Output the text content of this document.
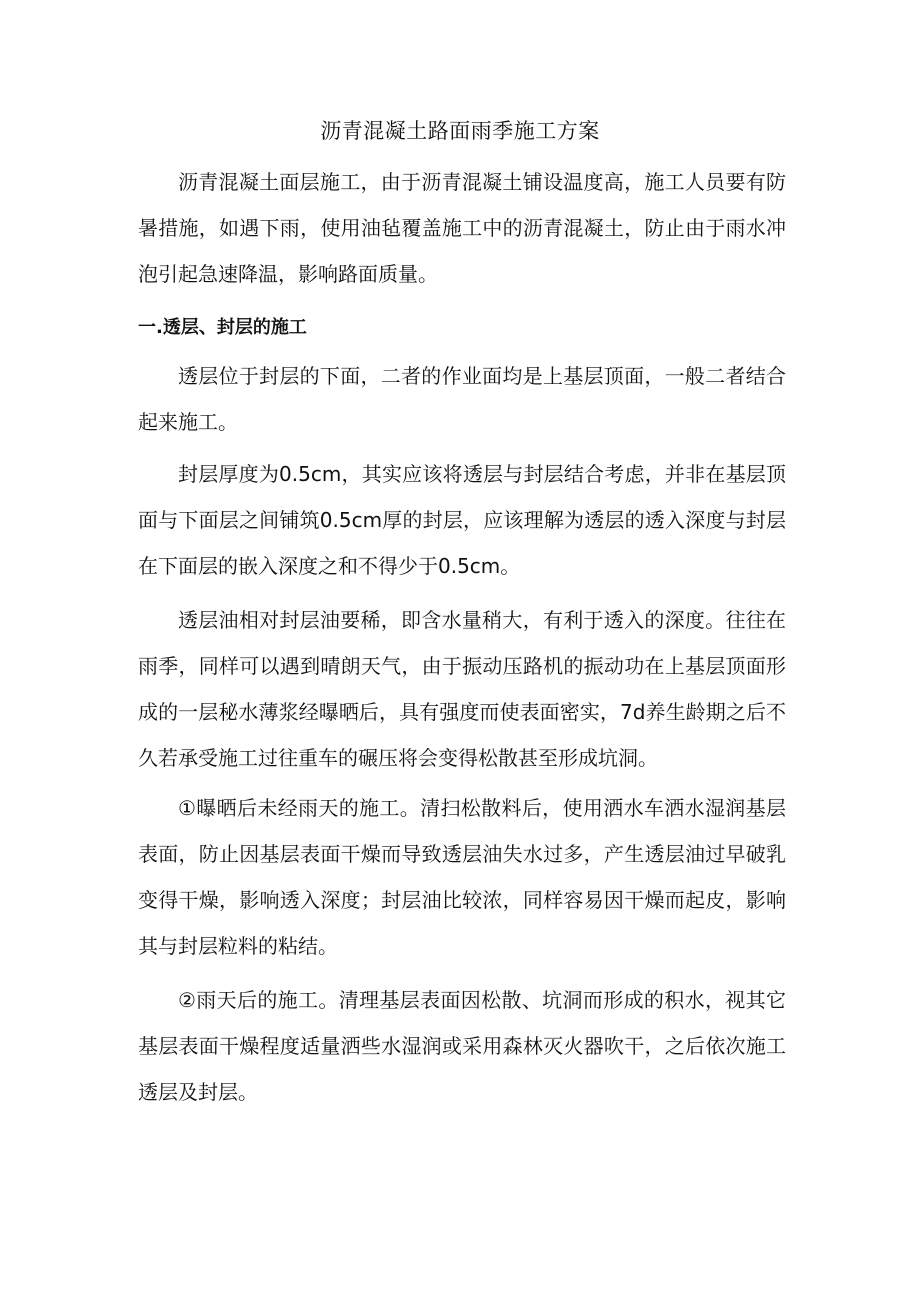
沥青混凝土路面雨季施工方案

沥青混凝土面层施工，由于沥青混凝土铺设温度高，施工人员要有防暑措施，如遇下雨，使用油毡覆盖施工中的沥青混凝土，防止由于雨水冲泡引起急速降温，影响路面质量。

一.透层、封层的施工

透层位于封层的下面，二者的作业面均是上基层顶面，一般二者结合起来施工。

封层厚度为0.5cm，其实应该将透层与封层结合考虑，并非在基层顶面与下面层之间铺筑0.5cm厚的封层，应该理解为透层的透入深度与封层在下面层的嵌入深度之和不得少于0.5cm。

透层油相对封层油要稀，即含水量稍大，有利于透入的深度。往往在雨季，同样可以遇到晴朗天气，由于振动压路机的振动功在上基层顶面形成的一层秘水薄浆经曝晒后，具有强度而使表面密实，7d养生龄期之后不久若承受施工过往重车的碾压将会变得松散甚至形成坑洞。

①曝晒后未经雨天的施工。清扫松散料后，使用洒水车洒水湿润基层表面，防止因基层表面干燥而导致透层油失水过多，产生透层油过早破乳变得干燥，影响透入深度；封层油比较浓，同样容易因干燥而起皮，影响其与封层粒料的粘结。

②雨天后的施工。清理基层表面因松散、坑洞而形成的积水，视其它基层表面干燥程度适量洒些水湿润或采用森林灭火器吹干，之后依次施工透层及封层。
